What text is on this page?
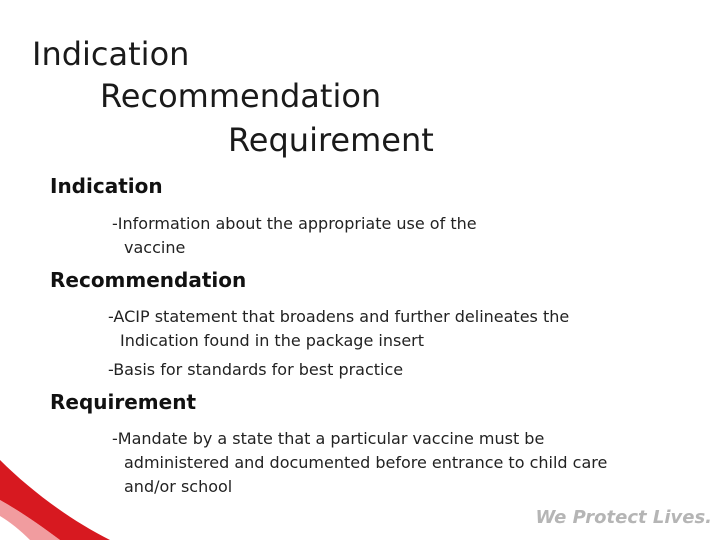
Indication
Recommendation
Requirement
Indication
-Information about the appropriate use of the
vaccine
Recommendation
-ACIP statement that broadens and further delineates the
Indication found in the package insert
-Basis for standards for best practice
Requirement
-Mandate by a state that a particular vaccine must be
administered and documented before entrance to child care
and/or school
We Protect Lives.
